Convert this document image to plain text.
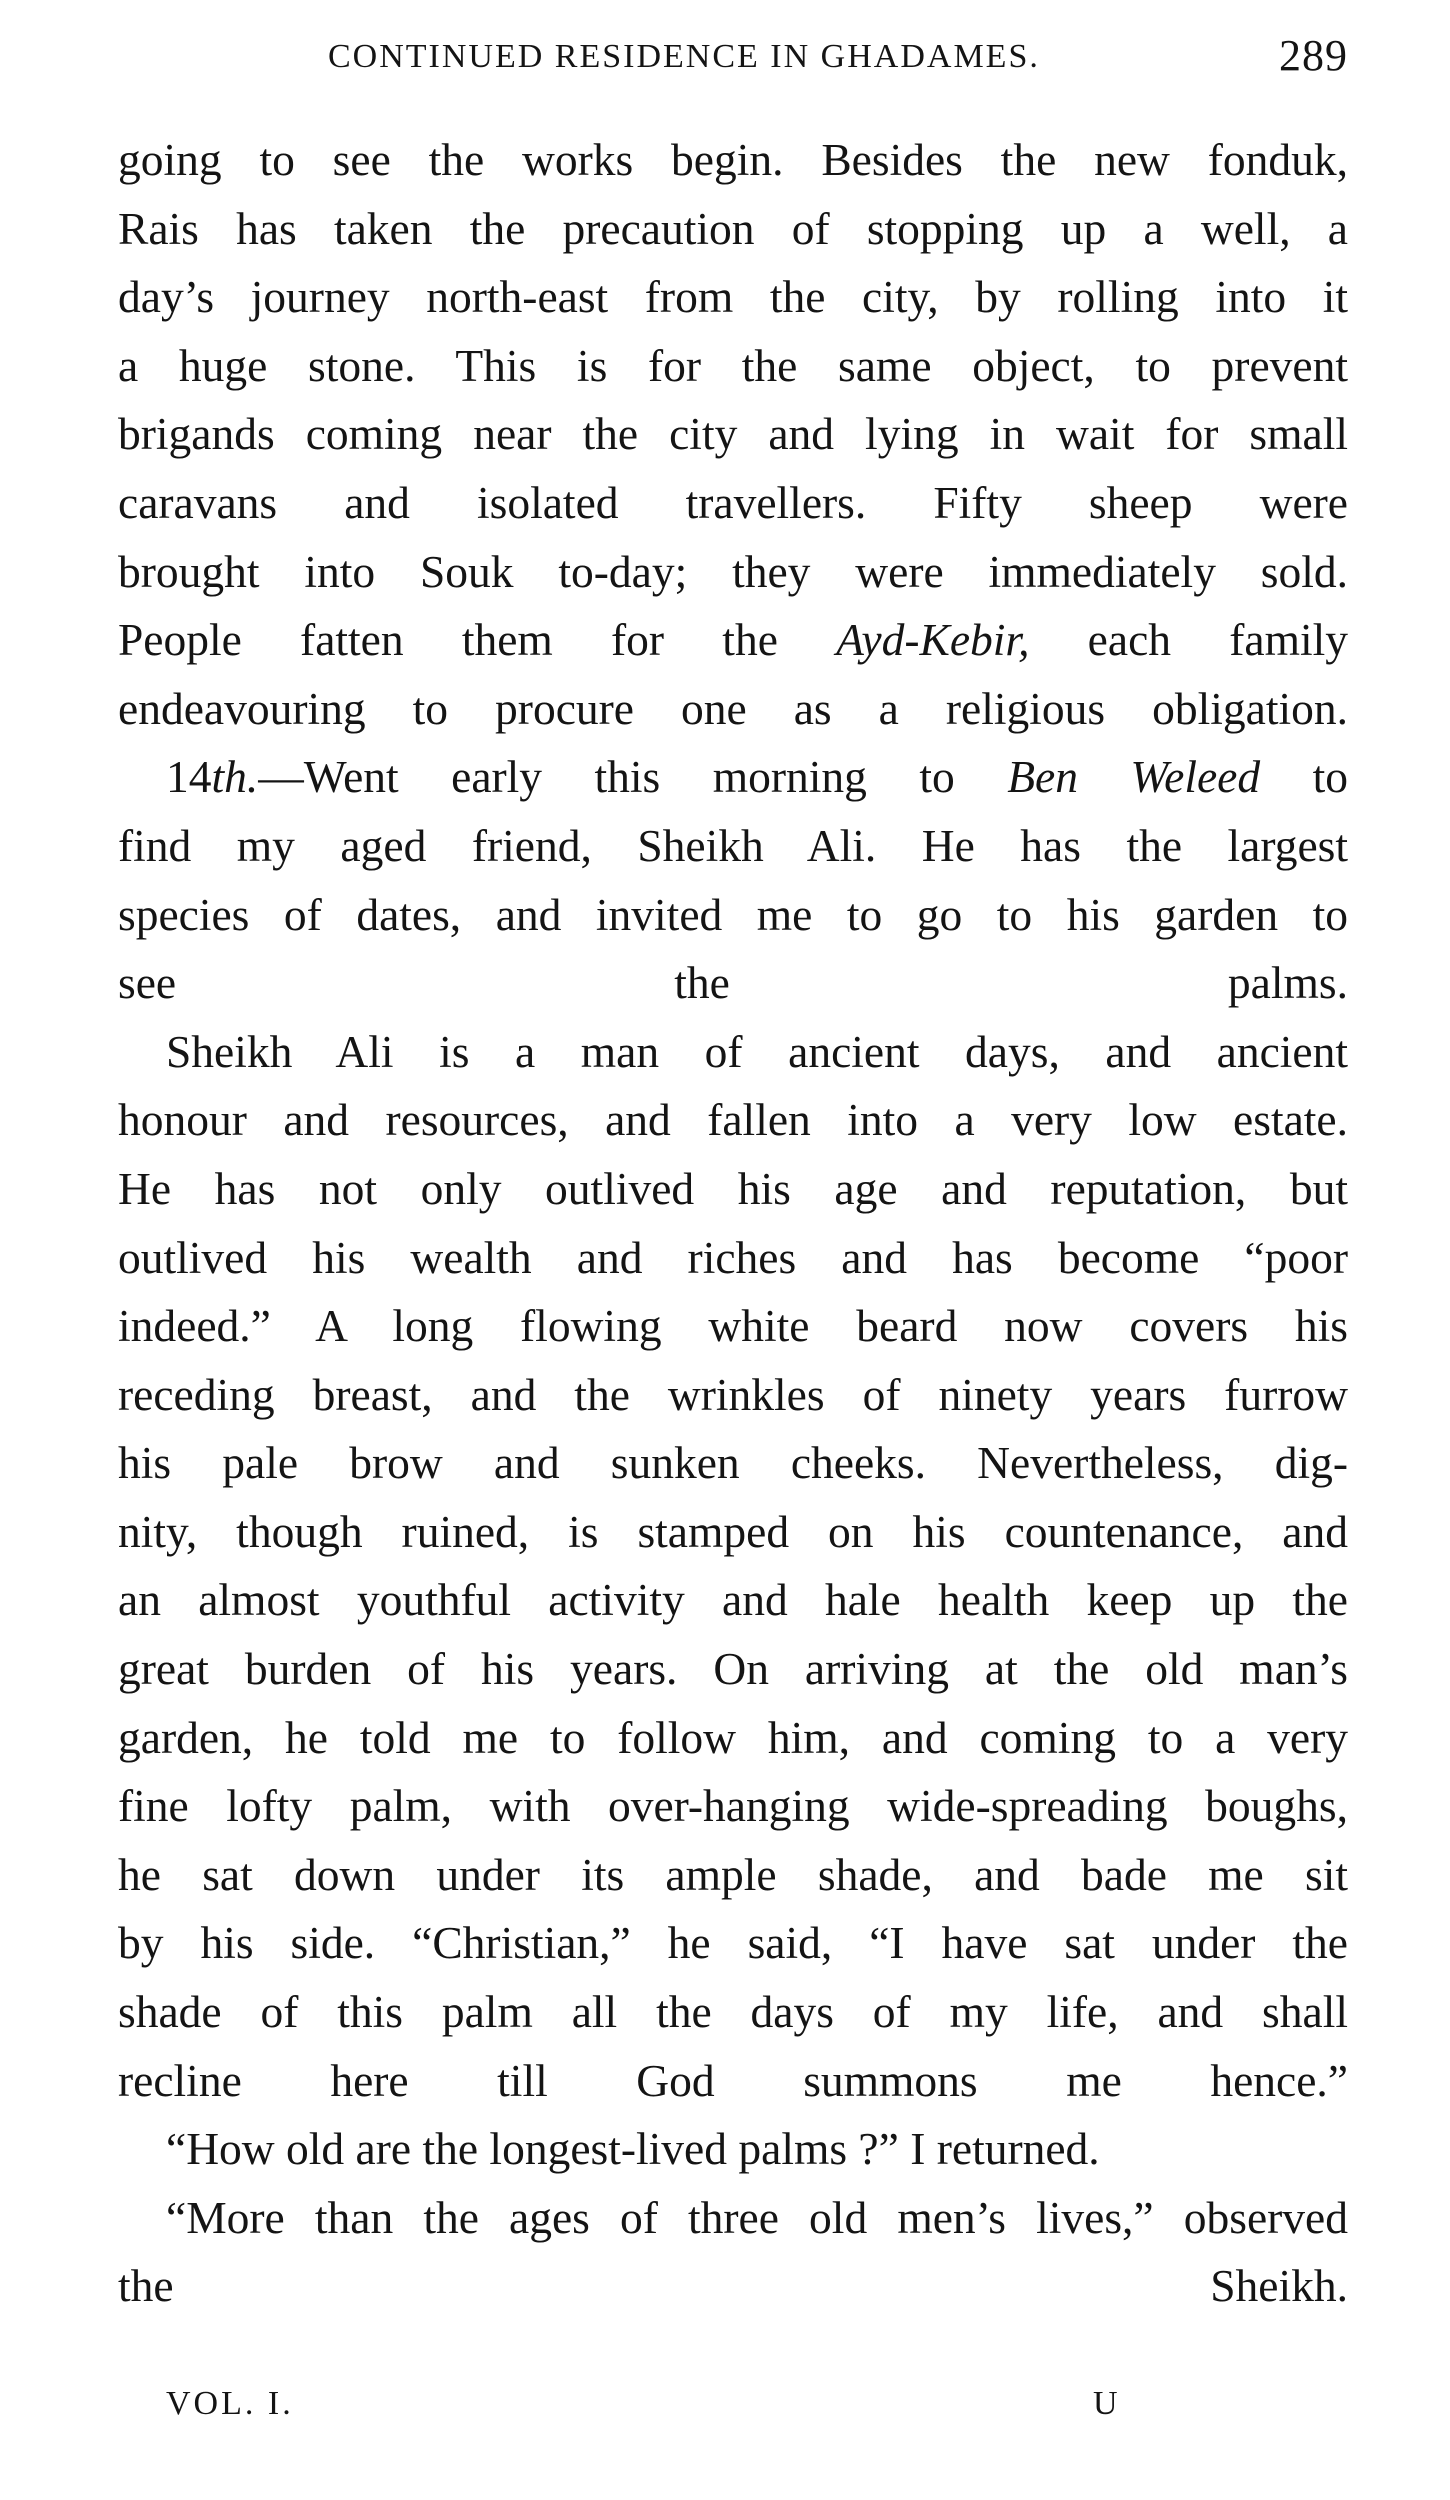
CONTINUED RESIDENCE IN GHADAMES.	289

going to see the works begin. Besides the new fonduk,
Rais has taken the precaution of stopping up a well, a
day’s journey north-east from the city, by rolling into it
a huge stone. This is for the same object, to prevent
brigands coming near the city and lying in wait for small
caravans and isolated travellers. Fifty sheep were
brought into Souk to-day; they were immediately sold.
People fatten them for the Ayd-Kebir, each family
endeavouring to procure one as a religious obligation.

14th.—Went early this morning to Ben Weleed to
find my aged friend, Sheikh Ali. He has the largest
species of dates, and invited me to go to his garden to
see the palms.

Sheikh Ali is a man of ancient days, and ancient
honour and resources, and fallen into a very low estate.
He has not only outlived his age and reputation, but
outlived his wealth and riches and has become “poor
indeed.” A long flowing white beard now covers his
receding breast, and the wrinkles of ninety years furrow
his pale brow and sunken cheeks. Nevertheless, dig-
nity, though ruined, is stamped on his countenance, and
an almost youthful activity and hale health keep up the
great burden of his years. On arriving at the old man’s
garden, he told me to follow him, and coming to a very
fine lofty palm, with over-hanging wide-spreading boughs,
he sat down under its ample shade, and bade me sit
by his side. “Christian,” he said, “I have sat under the
shade of this palm all the days of my life, and shall
recline here till God summons me hence.”

“How old are the longest-lived palms ?” I returned.

“More than the ages of three old men’s lives,” observed
the Sheikh.

VOL. I.	U
